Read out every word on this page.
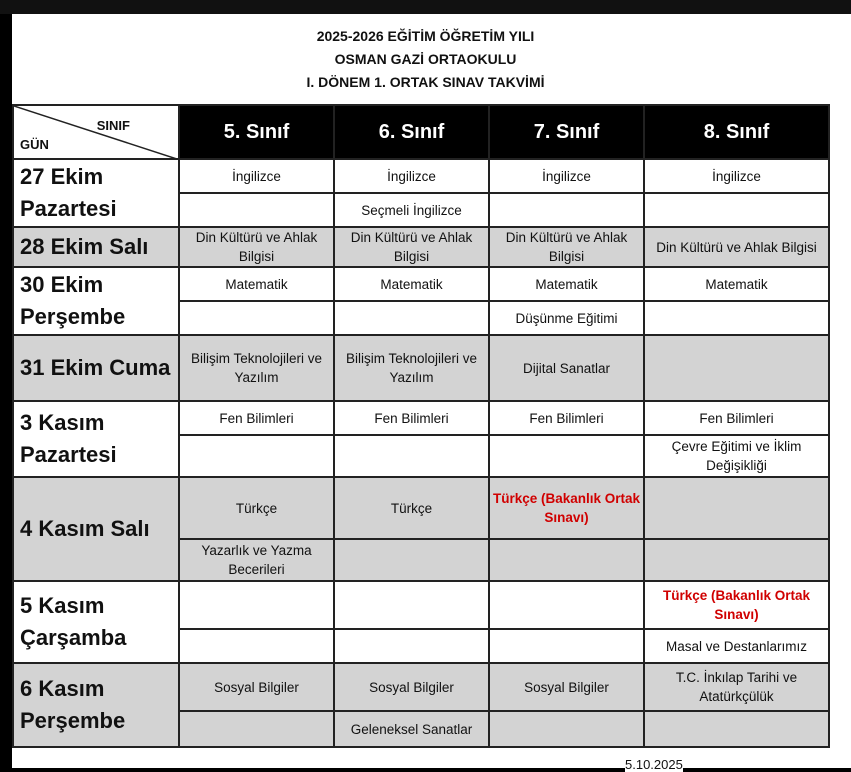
2025-2026 EĞİTİM ÖĞRETİM YILI
OSMAN GAZİ ORTAOKULU
I. DÖNEM 1. ORTAK SINAV TAKVİMİ
SINIF
GÜN	5. Sınıf	6. Sınıf	7. Sınıf	8. Sınıf
27 Ekim Pazartesi	İngilizce	İngilizce	İngilizce	İngilizce
		Seçmeli İngilizce		
28 Ekim Salı	Din Kültürü ve Ahlak Bilgisi	Din Kültürü ve Ahlak Bilgisi	Din Kültürü ve Ahlak Bilgisi	Din Kültürü ve Ahlak Bilgisi
30 Ekim Perşembe	Matematik	Matematik	Matematik	Matematik
			Düşünme Eğitimi	
31 Ekim Cuma	Bilişim Teknolojileri ve Yazılım	Bilişim Teknolojileri ve Yazılım	Dijital Sanatlar	
3 Kasım Pazartesi	Fen Bilimleri	Fen Bilimleri	Fen Bilimleri	Fen Bilimleri
				Çevre Eğitimi ve İklim Değişikliği
4 Kasım Salı	Türkçe	Türkçe	Türkçe (Bakanlık Ortak Sınavı)	
	Yazarlık ve Yazma Becerileri			
5 Kasım Çarşamba				Türkçe (Bakanlık Ortak Sınavı)
				Masal ve Destanlarımız
6 Kasım Perşembe	Sosyal Bilgiler	Sosyal Bilgiler	Sosyal Bilgiler	T.C. İnkılap Tarihi ve Atatürkçülük
		Geleneksel Sanatlar		
5.10.2025
